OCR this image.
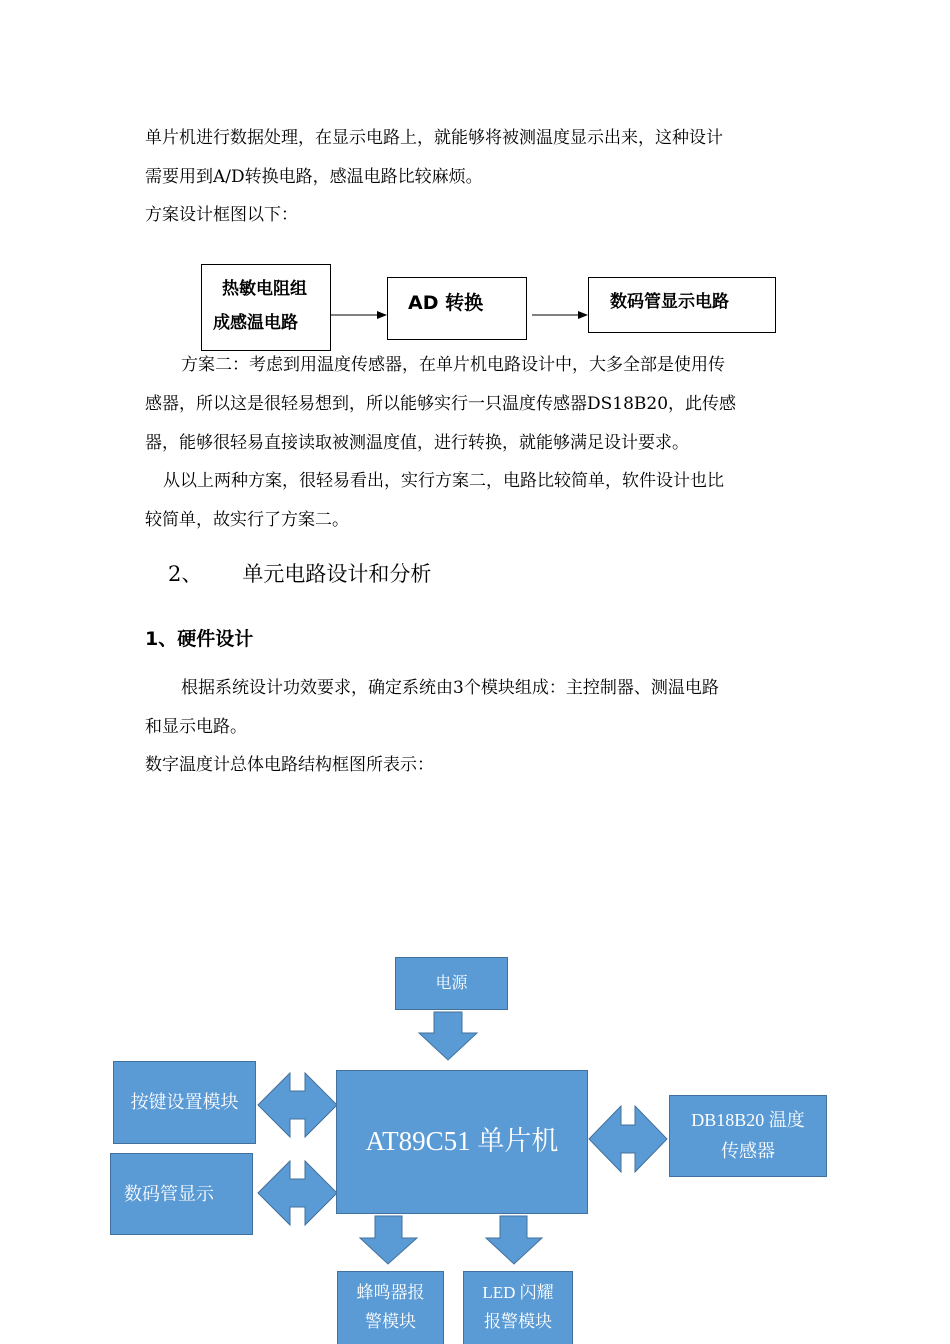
单片机进行数据处理，在显示电路上，就能够将被测温度显示出来，这种设计
需要用到A/D转换电路，感温电路比较麻烦。
方案设计框图以下：
热敏电阻组
成感温电路
AD 转换	数码管显示电路
方案二：考虑到用温度传感器，在单片机电路设计中，大多全部是使用传
感器，所以这是很轻易想到，所以能够实行一只温度传感器DS18B20，此传感
器，能够很轻易直接读取被测温度值，进行转换，就能够满足设计要求。
从以上两种方案，很轻易看出，实行方案二，电路比较简单，软件设计也比
较简单，故实行了方案二。
2、 单元电路设计和分析
1、硬件设计
根据系统设计功效要求，确定系统由3个模块组成：主控制器、测温电路
和显示电路。
数字温度计总体电路结构框图所表示：
电源
按键设置模块
AT89C51 单片机
数码管显示
DB18B20 温度
传感器
蜂鸣器报
警模块
LED 闪耀
报警模块
